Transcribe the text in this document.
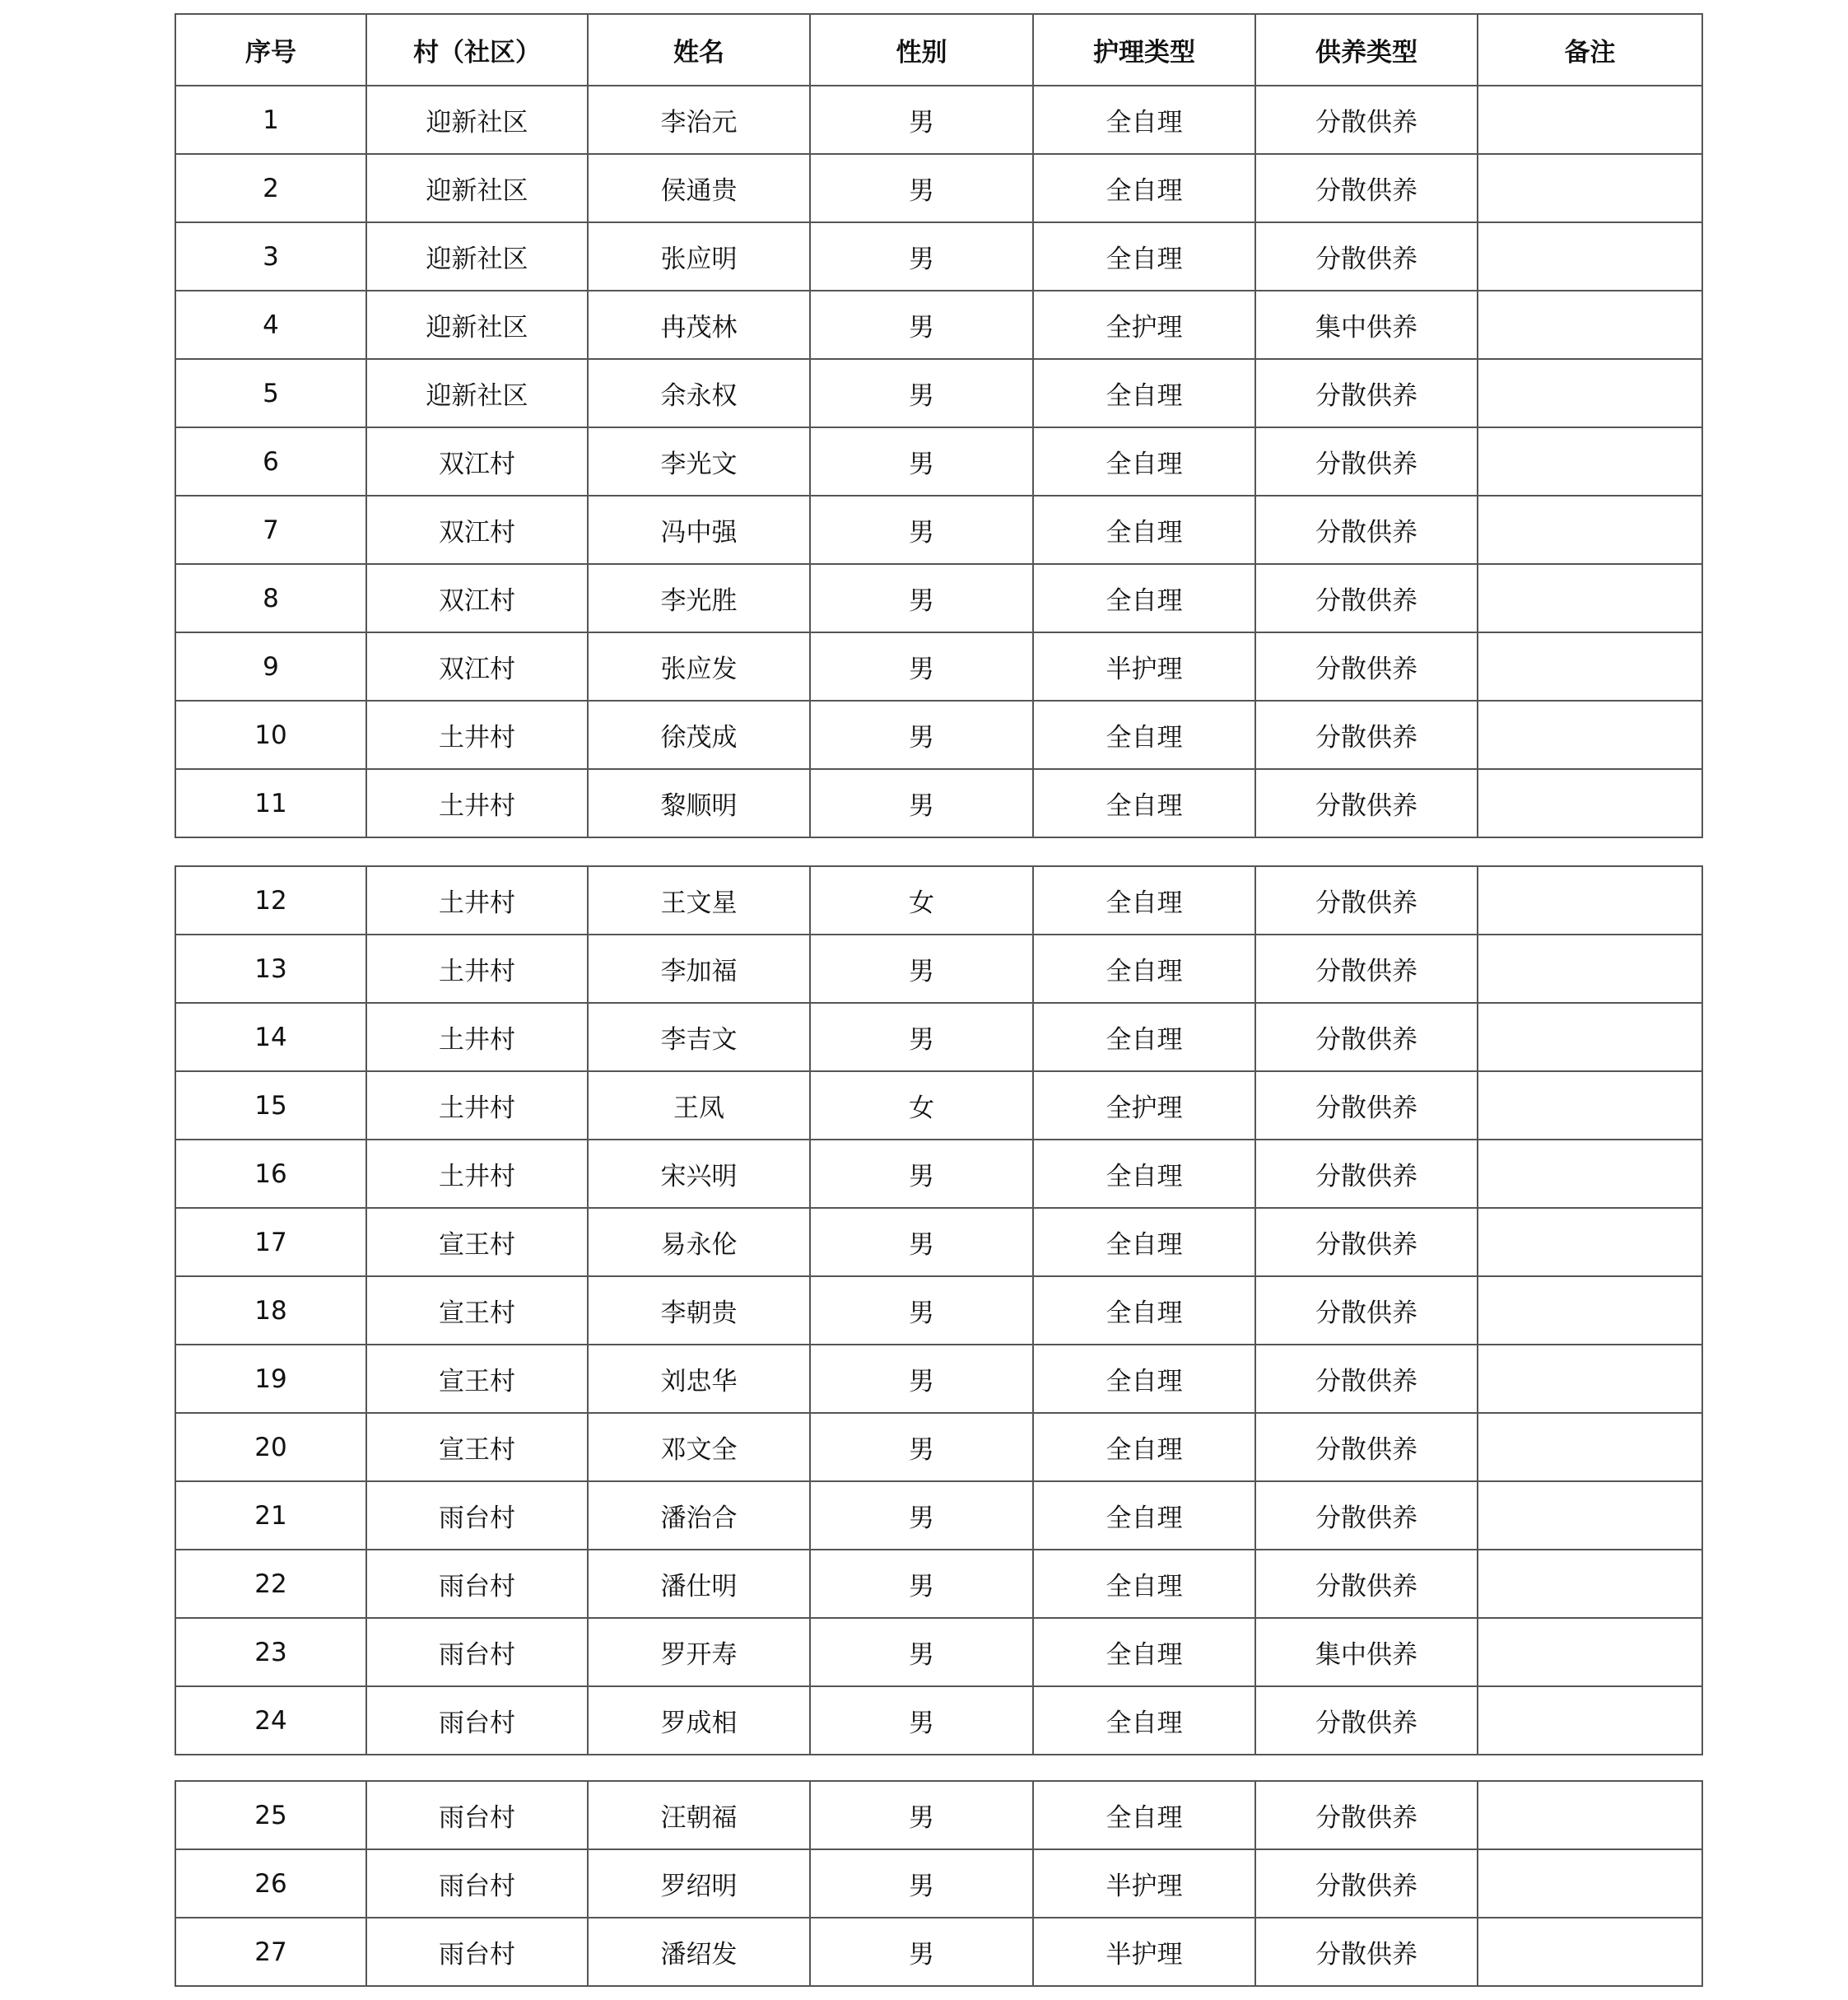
序号	村（社区）	姓名	性别	护理类型	供养类型	备注
1	迎新社区	李治元	男	全自理	分散供养	
2	迎新社区	侯通贵	男	全自理	分散供养	
3	迎新社区	张应明	男	全自理	分散供养	
4	迎新社区	冉茂林	男	全护理	集中供养	
5	迎新社区	余永权	男	全自理	分散供养	
6	双江村	李光文	男	全自理	分散供养	
7	双江村	冯中强	男	全自理	分散供养	
8	双江村	李光胜	男	全自理	分散供养	
9	双江村	张应发	男	半护理	分散供养	
10	土井村	徐茂成	男	全自理	分散供养	
11	土井村	黎顺明	男	全自理	分散供养	
12	土井村	王文星	女	全自理	分散供养	
13	土井村	李加福	男	全自理	分散供养	
14	土井村	李吉文	男	全自理	分散供养	
15	土井村	王凤	女	全护理	分散供养	
16	土井村	宋兴明	男	全自理	分散供养	
17	宣王村	易永伦	男	全自理	分散供养	
18	宣王村	李朝贵	男	全自理	分散供养	
19	宣王村	刘忠华	男	全自理	分散供养	
20	宣王村	邓文全	男	全自理	分散供养	
21	雨台村	潘治合	男	全自理	分散供养	
22	雨台村	潘仕明	男	全自理	分散供养	
23	雨台村	罗开寿	男	全自理	集中供养	
24	雨台村	罗成相	男	全自理	分散供养	
25	雨台村	汪朝福	男	全自理	分散供养	
26	雨台村	罗绍明	男	半护理	分散供养	
27	雨台村	潘绍发	男	半护理	分散供养	
